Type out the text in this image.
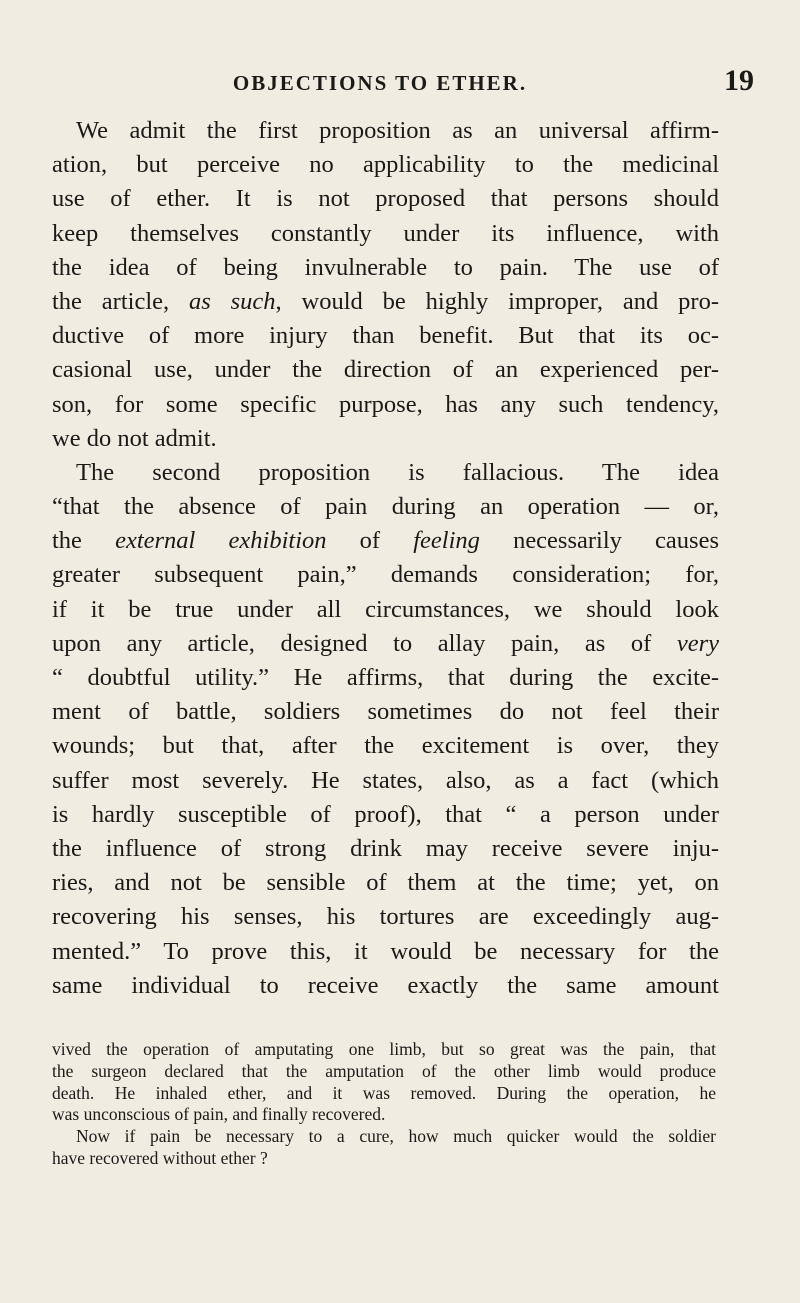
OBJECTIONS TO ETHER.	19
We admit the first proposition as an universal affirm-
ation, but perceive no applicability to the medicinal
use of ether. It is not proposed that persons should
keep themselves constantly under its influence, with
the idea of being invulnerable to pain. The use of
the article, as such, would be highly improper, and pro-
ductive of more injury than benefit. But that its oc-
casional use, under the direction of an experienced per-
son, for some specific purpose, has any such tendency,
we do not admit.
The second proposition is fallacious. The idea
“that the absence of pain during an operation — or,
the external exhibition of feeling necessarily causes
greater subsequent pain,” demands consideration; for,
if it be true under all circumstances, we should look
upon any article, designed to allay pain, as of very
“ doubtful utility.” He affirms, that during the excite-
ment of battle, soldiers sometimes do not feel their
wounds; but that, after the excitement is over, they
suffer most severely. He states, also, as a fact (which
is hardly susceptible of proof), that “ a person under
the influence of strong drink may receive severe inju-
ries, and not be sensible of them at the time; yet, on
recovering his senses, his tortures are exceedingly aug-
mented.” To prove this, it would be necessary for the
same individual to receive exactly the same amount
vived the operation of amputating one limb, but so great was the pain, that
the surgeon declared that the amputation of the other limb would produce
death. He inhaled ether, and it was removed. During the operation, he
was unconscious of pain, and finally recovered.
Now if pain be necessary to a cure, how much quicker would the soldier
have recovered without ether ?
